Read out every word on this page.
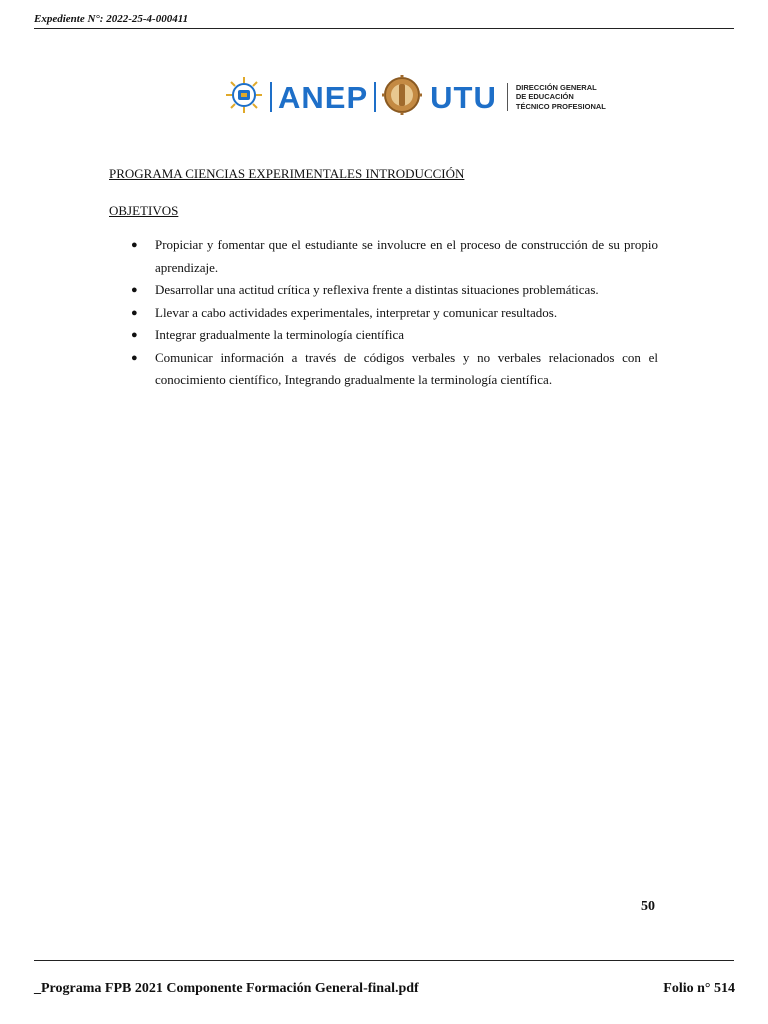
Expediente N°: 2022-25-4-000411
ANEP UTU	DIRECCIÓN GENERAL
DE EDUCACIÓN
TÉCNICO PROFESIONAL
PROGRAMA CIENCIAS EXPERIMENTALES INTRODUCCIÓN
OBJETIVOS
● Propiciar y fomentar que el estudiante se involucre en el proceso de construcción de su propio aprendizaje.
● Desarrollar una actitud crítica y reflexiva frente a distintas situaciones problemáticas.
● Llevar a cabo actividades experimentales, interpretar y comunicar resultados.
● Integrar gradualmente la terminología científica
● Comunicar información a través de códigos verbales y no verbales relacionados con el conocimiento científico, Integrando gradualmente la terminología científica.
50
_Programa FPB 2021 Componente Formación General-final.pdf	Folio n° 514
